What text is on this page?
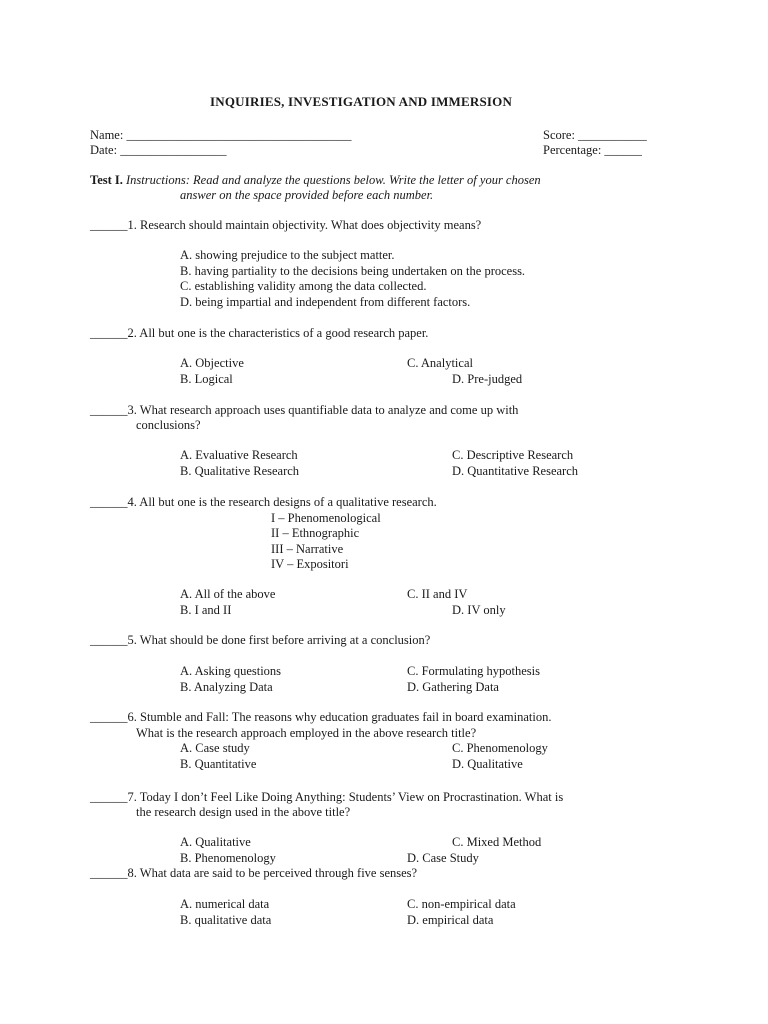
INQUIRIES, INVESTIGATION AND IMMERSION
Name: ____________________________________
Date: _________________
Score: ___________
Percentage: ______
Test I. Instructions: Read and analyze the questions below. Write the letter of your chosen
answer on the space provided before each number.
______1. Research should maintain objectivity. What does objectivity means?
A. showing prejudice to the subject matter.
B. having partiality to the decisions being undertaken on the process.
C. establishing validity among the data collected.
D. being impartial and independent from different factors.
______2. All but one is the characteristics of a good research paper.
A. Objective
B. Logical
C. Analytical
D. Pre-judged
______3. What research approach uses quantifiable data to analyze and come up with
conclusions?
A. Evaluative Research
B. Qualitative Research
C. Descriptive Research
D. Quantitative Research
______4. All but one is the research designs of a qualitative research.
I – Phenomenological
II – Ethnographic
III – Narrative
IV – Expositori
A. All of the above
B. I and II
C. II and IV
D. IV only
______5. What should be done first before arriving at a conclusion?
A. Asking questions
B. Analyzing Data
C. Formulating hypothesis
D. Gathering Data
______6. Stumble and Fall: The reasons why education graduates fail in board examination.
What is the research approach employed in the above research title?
A. Case study
B. Quantitative
C. Phenomenology
D. Qualitative
______7. Today I don’t Feel Like Doing Anything: Students’ View on Procrastination. What is
the research design used in the above title?
A. Qualitative
B. Phenomenology
C. Mixed Method
D. Case Study
______8. What data are said to be perceived through five senses?
A. numerical data
B. qualitative data
C. non-empirical data
D. empirical data
